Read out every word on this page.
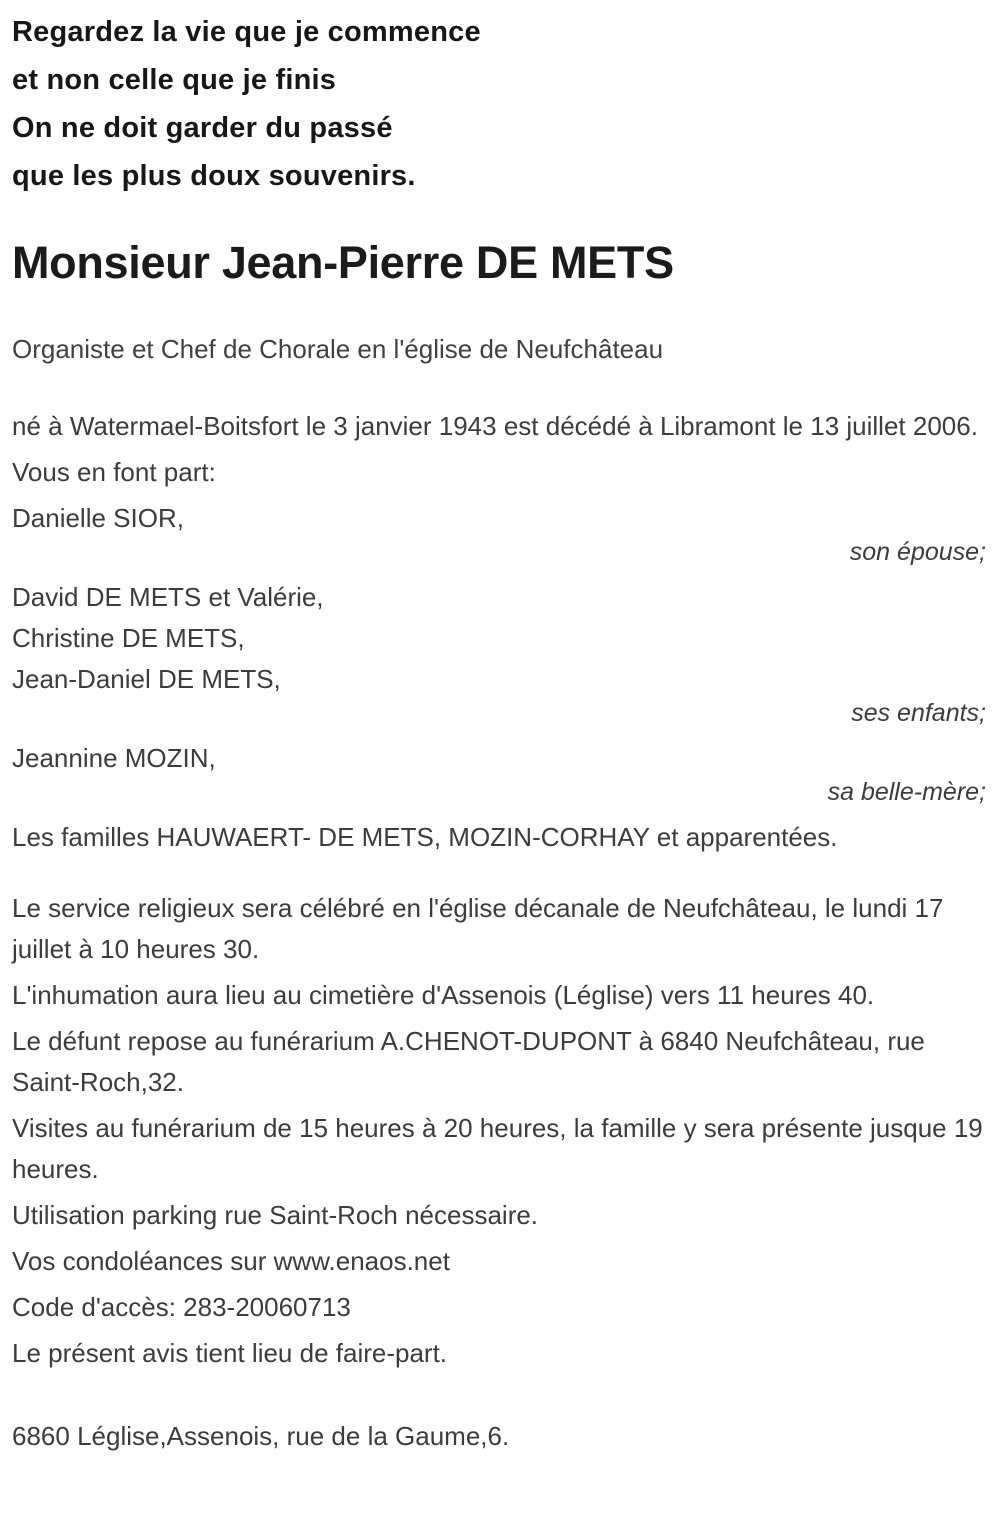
Regardez la vie que je commence

et non celle que je finis

On ne doit garder du passé

que les plus doux souvenirs.

Monsieur Jean-Pierre DE METS

Organiste et Chef de Chorale en l'église de Neufchâteau

né à Watermael-Boitsfort le 3 janvier 1943 est décédé à Libramont le 13 juillet 2006.

Vous en font part:

Danielle SIOR,

son épouse;

David DE METS et Valérie,

Christine DE METS,

Jean-Daniel DE METS,

ses enfants;

Jeannine MOZIN,

sa belle-mère;

Les familles HAUWAERT- DE METS, MOZIN-CORHAY et apparentées.

Le service religieux sera célébré en l'église décanale de Neufchâteau, le lundi 17 juillet à 10 heures 30.

L'inhumation aura lieu au cimetière d'Assenois (Léglise) vers 11 heures 40.

Le défunt repose au funérarium A.CHENOT-DUPONT à 6840 Neufchâteau, rue Saint-Roch,32.

Visites au funérarium de 15 heures à 20 heures, la famille y sera présente jusque 19 heures.

Utilisation parking rue Saint-Roch nécessaire.

Vos condoléances sur www.enaos.net

Code d'accès: 283-20060713

Le présent avis tient lieu de faire-part.

6860 Léglise,Assenois, rue de la Gaume,6.
